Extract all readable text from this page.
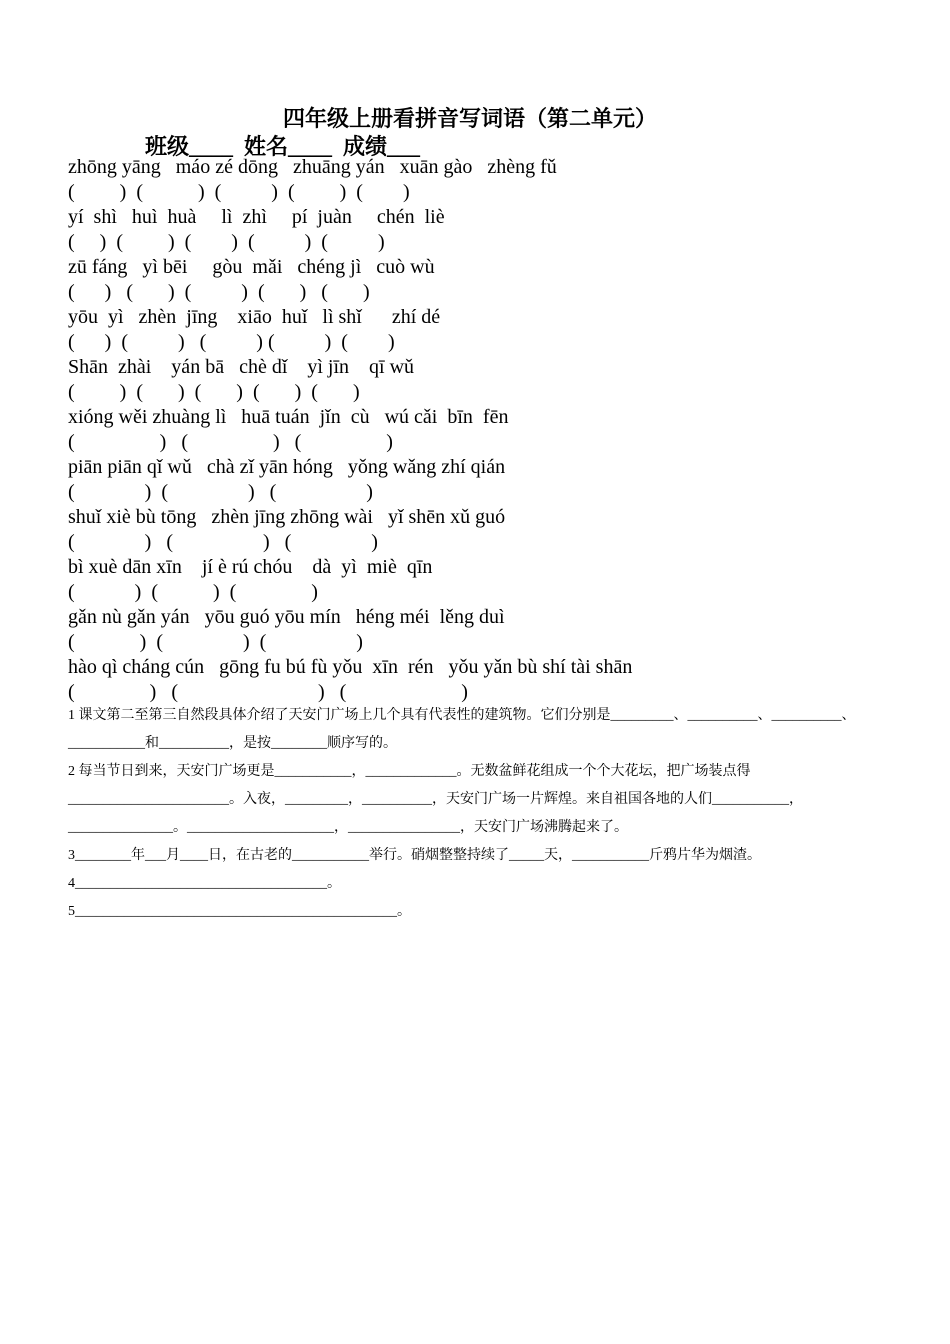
四年级上册看拼音写词语（第二单元）
班级____  姓名____  成绩___
zhōng yāng   máo zé dōng   zhuāng yán   xuān gào   zhèng fǔ
(         )  (           )  (          )  (         )  (        )
yí  shì   huì  huà     lì  zhì     pí  juàn     chén  liè
(     )  (         )  (        )  (          )  (          )
zū fáng   yì bēi     gòu  mǎi   chéng jì   cuò wù
(      )   (       )  (          )  (       )   (       )
yōu  yì   zhèn  jīng    xiāo  huǐ   lì shǐ      zhí dé
(      )  (          )   (          ) (          )  (        )
Shān  zhài    yán bā   chè dǐ    yì jīn    qī wǔ
(         )  (       )  (       )  (       )  (       )
xióng wěi zhuàng lì   huā tuán  jǐn  cù   wú cǎi  bīn  fēn
(                 )   (                 )   (                 )
piān piān qǐ wǔ   chà zǐ yān hóng   yǒng wǎng zhí qián
(              )  (                )   (                  )
shuǐ xiè bù tōng   zhèn jīng zhōng wài   yǐ shēn xǔ guó
(              )   (                  )   (                )
bì xuè dān xīn    jí è rú chóu    dà  yì  miè  qīn
(            )  (           )  (               )
gǎn nù gǎn yán   yōu guó yōu mín   héng méi  lěng duì
(             )  (                )  (                  )
hào qì cháng cún   gōng fu bú fù yǒu  xīn  rén   yǒu yǎn bù shí tài shān
(               )   (                            )   (                       )
1 课文第二至第三自然段具体介绍了天安门广场上几个具有代表性的建筑物。它们分别是_________、__________、__________、___________和__________，是按________顺序写的。
2 每当节日到来，天安门广场更是___________，_____________。无数盆鲜花组成一个个大花坛，把广场装点得_______________________。入夜，_________，__________，天安门广场一片辉煌。来自祖国各地的人们___________，_______________。_____________________，________________，天安门广场沸腾起来了。
3________年___月____日，在古老的___________举行。硝烟整整持续了_____天，___________斤鸦片华为烟渣。
4____________________________________。
5______________________________________________。
